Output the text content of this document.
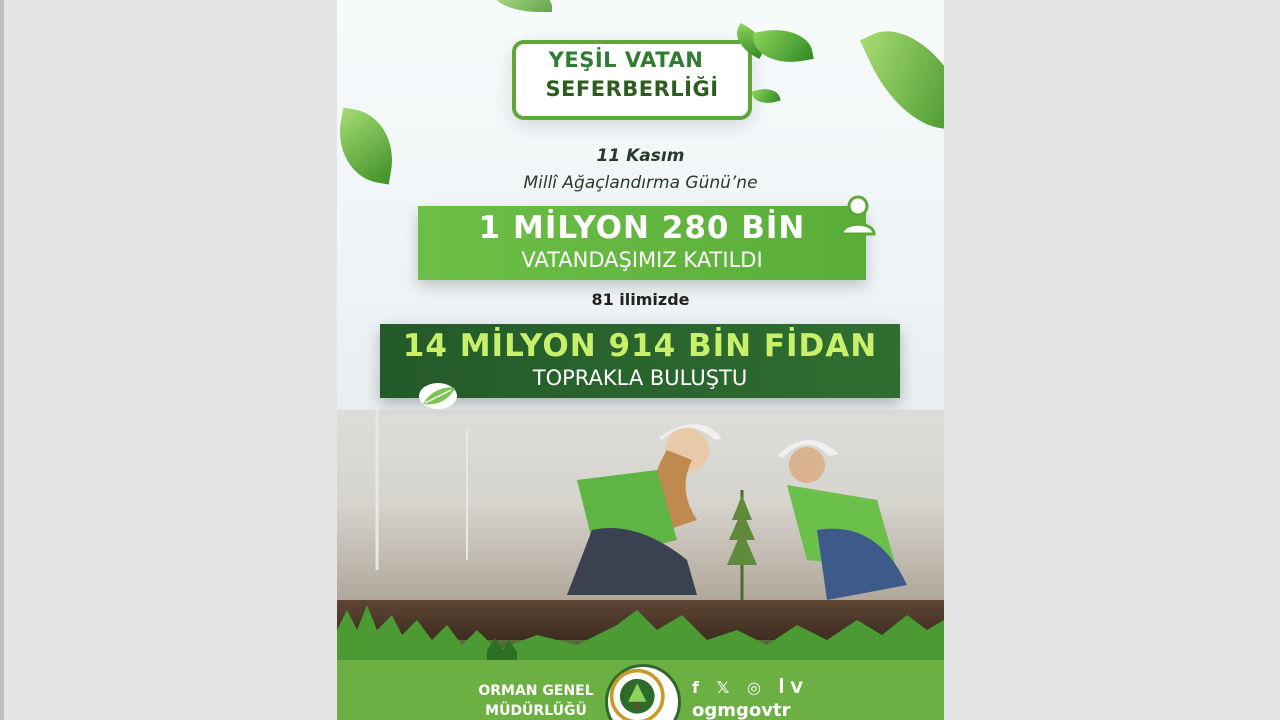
YEŞİL VATAN
SEFERBERLİĞİ
11 Kasım
Millî Ağaçlandırma Günü’ne
1 MİLYON 280 BİN
VATANDAŞIMIZ KATILDI
81 ilimizde
14 MİLYON 914 BİN FİDAN
TOPRAKLA BULUŞTU
ORMAN GENEL
MÜDÜRLÜĞÜ
f 𝕏 ◎ ꟾV
ogmgovtr
